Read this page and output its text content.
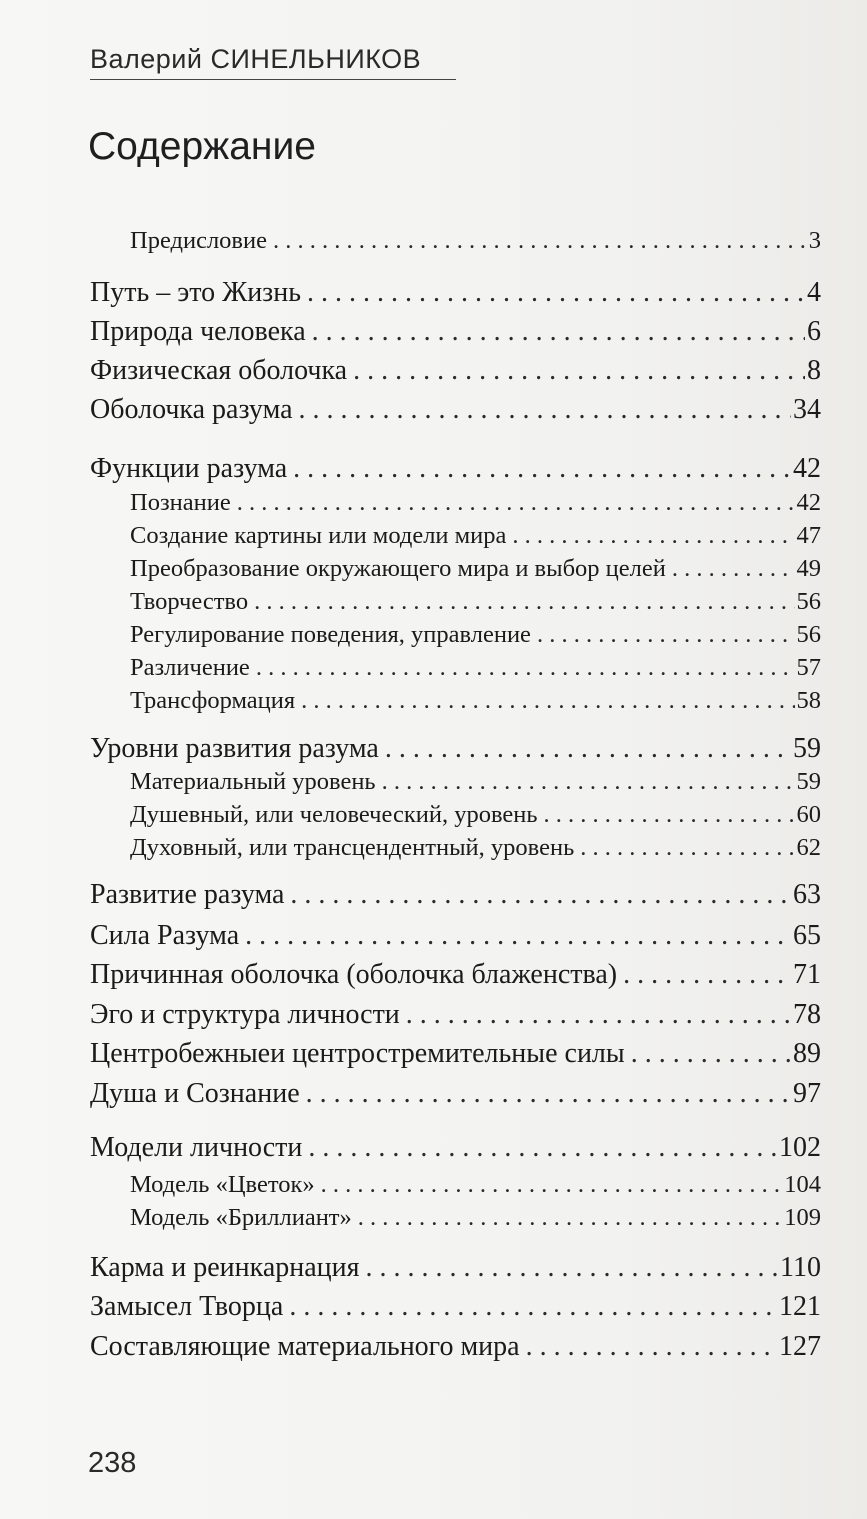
Валерий СИНЕЛЬНИКОВ
Содержание
Предисловие . . .	3
Путь – это Жизнь . . .	4
Природа человека . . .	6
Физическая оболочка . . .	8
Оболочка разума . . .	34
Функции разума . . .	42
Познание . . .	42
Создание картины или модели мира . . .	47
Преобразование окружающего мира и выбор целей . . .	49
Творчество . . .	56
Регулирование поведения, управление . . .	56
Различение . . .	57
Трансформация . . .	58
Уровни развития разума . . .	59
Материальный уровень . . .	59
Душевный, или человеческий, уровень . . .	60
Духовный, или трансцендентный, уровень . . .	62
Развитие разума . . .	63
Сила Разума . . .	65
Причинная оболочка (оболочка блаженства) . . .	71
Эго и структура личности . . .	78
Центробежныеи центростремительные силы . . .	89
Душа и Сознание . . .	97
Модели личности . . .	102
Модель «Цветок» . . .	104
Модель «Бриллиант» . . .	109
Карма и реинкарнация . . .	110
Замысел Творца . . .	121
Составляющие материального мира . . .	127
238
